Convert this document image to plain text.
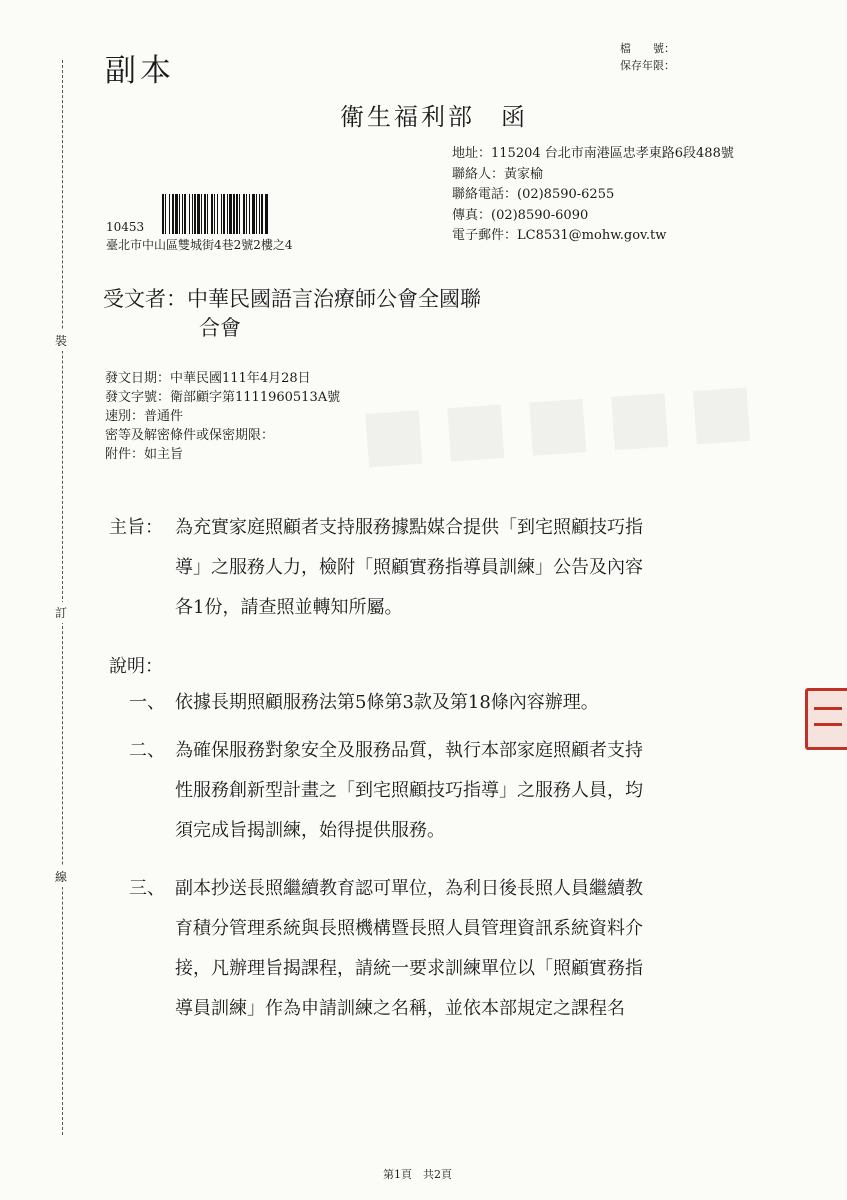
裝
訂
線
副本
檔　　號：
保存年限：
衛生福利部 函
地址：115204 台北市南港區忠孝東路6段488號
聯絡人：黃家榆
聯絡電話：(02)8590-6255
傳真：(02)8590-6090
電子郵件：LC8531@mohw.gov.tw
10453
臺北市中山區雙城街4巷2號2樓之4
受文者：中華民國語言治療師公會全國聯
合會
發文日期：中華民國111年4月28日
發文字號：衛部顧字第1111960513A號
速別：普通件
密等及解密條件或保密期限：
附件：如主旨
主旨： 為充實家庭照顧者支持服務據點媒合提供「到宅照顧技巧指
導」之服務人力，檢附「照顧實務指導員訓練」公告及內容
各1份，請查照並轉知所屬。
說明：
一、 依據長期照顧服務法第5條第3款及第18條內容辦理。
二、 為確保服務對象安全及服務品質，執行本部家庭照顧者支持
性服務創新型計畫之「到宅照顧技巧指導」之服務人員，均
須完成旨揭訓練，始得提供服務。
三、 副本抄送長照繼續教育認可單位，為利日後長照人員繼續教
育積分管理系統與長照機構暨長照人員管理資訊系統資料介
接，凡辦理旨揭課程，請統一要求訓練單位以「照顧實務指
導員訓練」作為申請訓練之名稱，並依本部規定之課程名
第1頁　共2頁
